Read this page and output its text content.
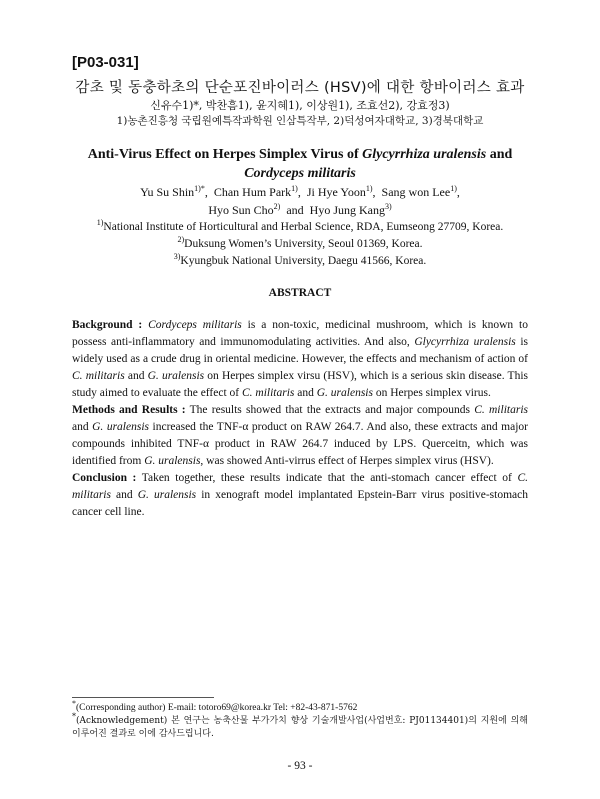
[P03-031]
감초 및 동충하초의 단순포진바이러스 (HSV)에 대한 항바이러스 효과
신유수1)*, 박찬흠1), 윤지혜1), 이상원1), 조효선2), 강효정3)
1)농촌진흥청 국립원예특작과학원 인삼특작부, 2)덕성여자대학교, 3)경북대학교
Anti-Virus Effect on Herpes Simplex Virus of Glycyrrhiza uralensis and
Cordyceps militaris
Yu Su Shin$^{1)*}$,  Chan Hum Park$^{1)}$,  Ji Hye Yoon$^{1)}$,  Sang won Lee$^{1)}$,
Hyo Sun Cho$^{2)}$  and  Hyo Jung Kang$^{3)}$
$^{1)}$National Institute of Horticultural and Herbal Science, RDA, Eumseong 27709, Korea.
$^{2)}$Duksung Women’s University, Seoul 01369, Korea.
$^{3)}$Kyungbuk National University, Daegu 41566, Korea.
ABSTRACT

Background : Cordyceps militaris is a non-toxic, medicinal mushroom, which is known to possess anti-inflammatory and immunomodulating activities. And also, Glycyrrhiza uralensis is widely used as a crude drug in oriental medicine. However, the effects and mechanism of action of C. militaris and G. uralensis on Herpes simplex virsu (HSV), which is a serious skin disease. This study aimed to evaluate the effect of C. militaris and G. uralensis on Herpes simplex virus.

Methods and Results : The results showed that the extracts and major compounds C. militaris and G. uralensis increased the TNF-α product on RAW 264.7. And also, these extracts and major compounds inhibited TNF-α product in RAW 264.7 induced by LPS. Querceitn, which was identified from G. uralensis, was showed Anti-virrus effect of Herpes simplex virus (HSV).

Conclusion : Taken together, these results indicate that the anti-stomach cancer effect of C. militaris and G. uralensis in xenograft model implantated Epstein-Barr virus positive-stomach cancer cell line.

*(Corresponding author) E-mail: totoro69@korea.kr Tel: +82-43-871-5762

*(Acknowledgement) 본 연구는 농축산물 부가가치 향상 기술개발사업(사업번호: PJ01134401)의 지원에 의해 이루어진 결과로 이에 감사드립니다.

- 93 -
